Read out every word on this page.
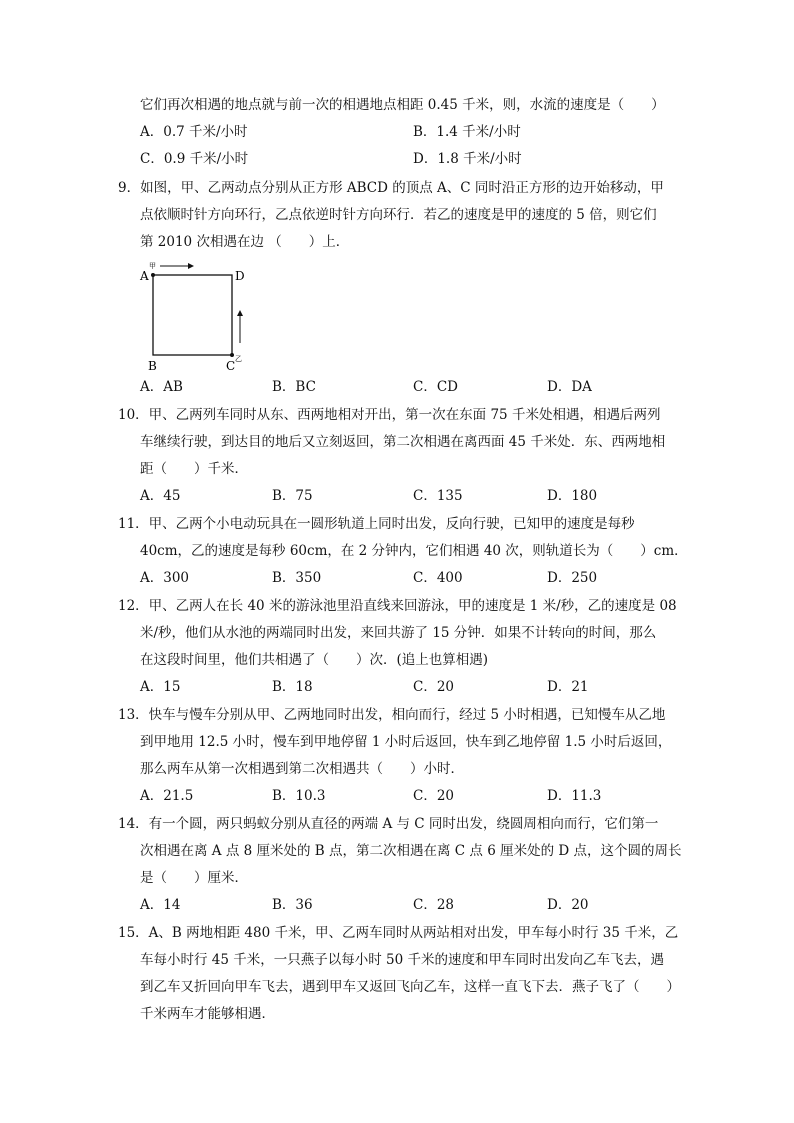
它们再次相遇的地点就与前一次的相遇地点相距 0.45 千米，则，水流的速度是（　　）
A．0.7 千米/小时	B．1.4 千米/小时
C．0.9 千米/小时	D．1.8 千米/小时
9．如图，甲、乙两动点分别从正方形 ABCD 的顶点 A、C 同时沿正方形的边开始移动，甲
点依顺时针方向环行，乙点依逆时针方向环行．若乙的速度是甲的速度的 5 倍，则它们
第 2010 次相遇在边 （　　）上．
A	D
B	C
甲
乙
A．AB	B．BC	C．CD	D．DA
10．甲、乙两列车同时从东、西两地相对开出，第一次在东面 75 千米处相遇，相遇后两列
车继续行驶，到达目的地后又立刻返回，第二次相遇在离西面 45 千米处．东、西两地相
距（　　）千米．
A．45	B．75	C．135	D．180
11．甲、乙两个小电动玩具在一圆形轨道上同时出发，反向行驶，已知甲的速度是每秒
40cm，乙的速度是每秒 60cm，在 2 分钟内，它们相遇 40 次，则轨道长为（　　）cm．
A．300	B．350	C．400	D．250
12．甲、乙两人在长 40 米的游泳池里沿直线来回游泳，甲的速度是 1 米/秒，乙的速度是 08
米/秒，他们从水池的两端同时出发，来回共游了 15 分钟．如果不计转向的时间，那么
在这段时间里，他们共相遇了（　　）次．(追上也算相遇)
A．15	B．18	C．20	D．21
13．快车与慢车分别从甲、乙两地同时出发，相向而行，经过 5 小时相遇，已知慢车从乙地
到甲地用 12.5 小时，慢车到甲地停留 1 小时后返回，快车到乙地停留 1.5 小时后返回，
那么两车从第一次相遇到第二次相遇共（　　）小时．
A．21.5	B．10.3	C．20	D．11.3
14．有一个圆，两只蚂蚁分别从直径的两端 A 与 C 同时出发，绕圆周相向而行，它们第一
次相遇在离 A 点 8 厘米处的 B 点，第二次相遇在离 C 点 6 厘米处的 D 点，这个圆的周长
是（　　）厘米．
A．14	B．36	C．28	D．20
15．A、B 两地相距 480 千米，甲、乙两车同时从两站相对出发，甲车每小时行 35 千米，乙
车每小时行 45 千米，一只燕子以每小时 50 千米的速度和甲车同时出发向乙车飞去，遇
到乙车又折回向甲车飞去，遇到甲车又返回飞向乙车，这样一直飞下去．燕子飞了（　　）
千米两车才能够相遇．
